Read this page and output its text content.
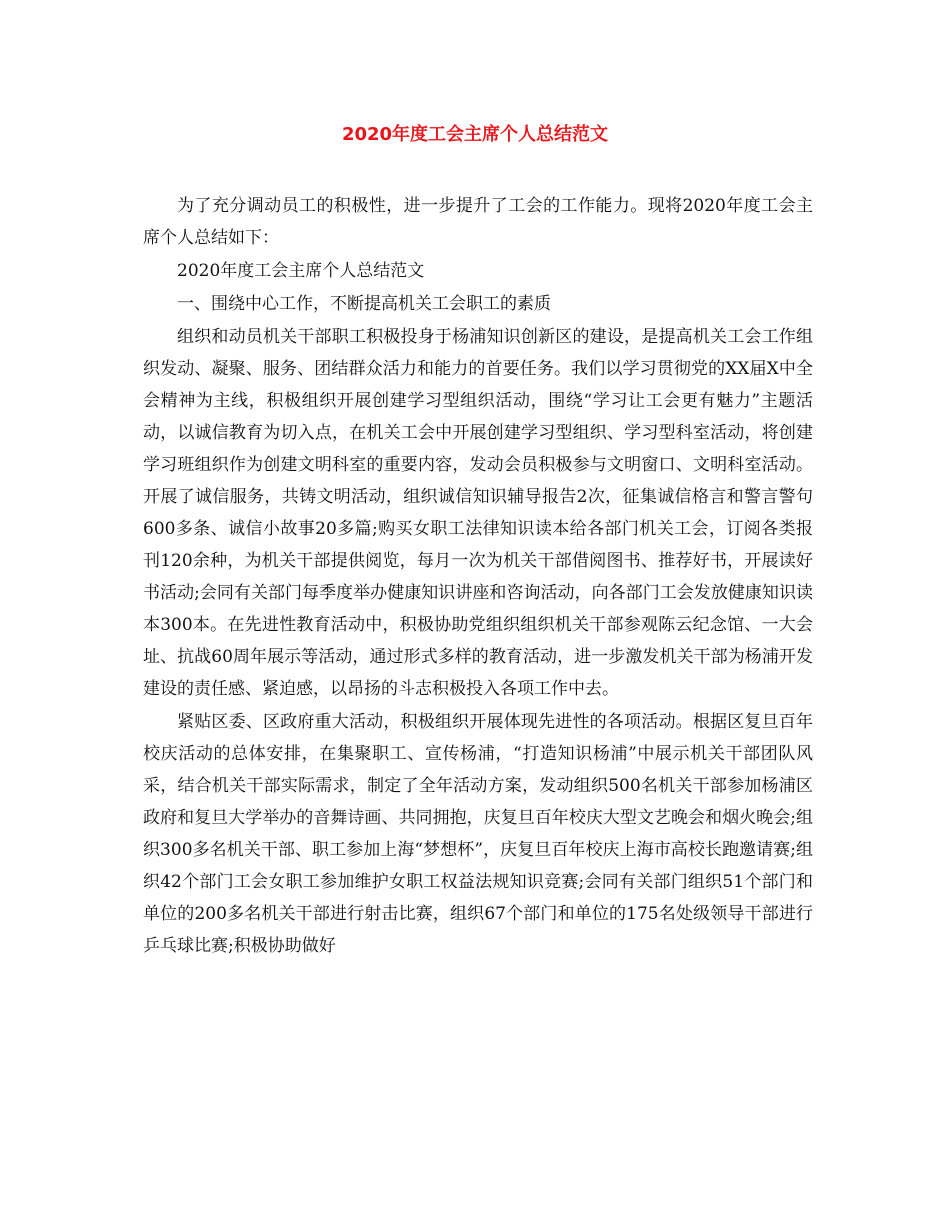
2020年度工会主席个人总结范文

为了充分调动员工的积极性，进一步提升了工会的工作能力。现将2020年度工会主席个人总结如下：

2020年度工会主席个人总结范文

一、围绕中心工作，不断提高机关工会职工的素质

组织和动员机关干部职工积极投身于杨浦知识创新区的建设，是提高机关工会工作组织发动、凝聚、服务、团结群众活力和能力的首要任务。我们以学习贯彻党的XX届X中全会精神为主线，积极组织开展创建学习型组织活动，围绕“学习让工会更有魅力”主题活动，以诚信教育为切入点，在机关工会中开展创建学习型组织、学习型科室活动，将创建学习班组织作为创建文明科室的重要内容，发动会员积极参与文明窗口、文明科室活动。开展了诚信服务，共铸文明活动，组织诚信知识辅导报告2次，征集诚信格言和警言警句600多条、诚信小故事20多篇;购买女职工法律知识读本给各部门机关工会，订阅各类报刊120余种，为机关干部提供阅览，每月一次为机关干部借阅图书、推荐好书，开展读好书活动;会同有关部门每季度举办健康知识讲座和咨询活动，向各部门工会发放健康知识读本300本。在先进性教育活动中，积极协助党组织组织机关干部参观陈云纪念馆、一大会址、抗战60周年展示等活动，通过形式多样的教育活动，进一步激发机关干部为杨浦开发建设的责任感、紧迫感，以昂扬的斗志积极投入各项工作中去。

紧贴区委、区政府重大活动，积极组织开展体现先进性的各项活动。根据区复旦百年校庆活动的总体安排，在集聚职工、宣传杨浦，“打造知识杨浦”中展示机关干部团队风采，结合机关干部实际需求，制定了全年活动方案，发动组织500名机关干部参加杨浦区政府和复旦大学举办的音舞诗画、共同拥抱，庆复旦百年校庆大型文艺晚会和烟火晚会;组织300多名机关干部、职工参加上海“梦想杯”，庆复旦百年校庆上海市高校长跑邀请赛;组织42个部门工会女职工参加维护女职工权益法规知识竞赛;会同有关部门组织51个部门和单位的200多名机关干部进行射击比赛，组织67个部门和单位的175名处级领导干部进行乒乓球比赛;积极协助做好
